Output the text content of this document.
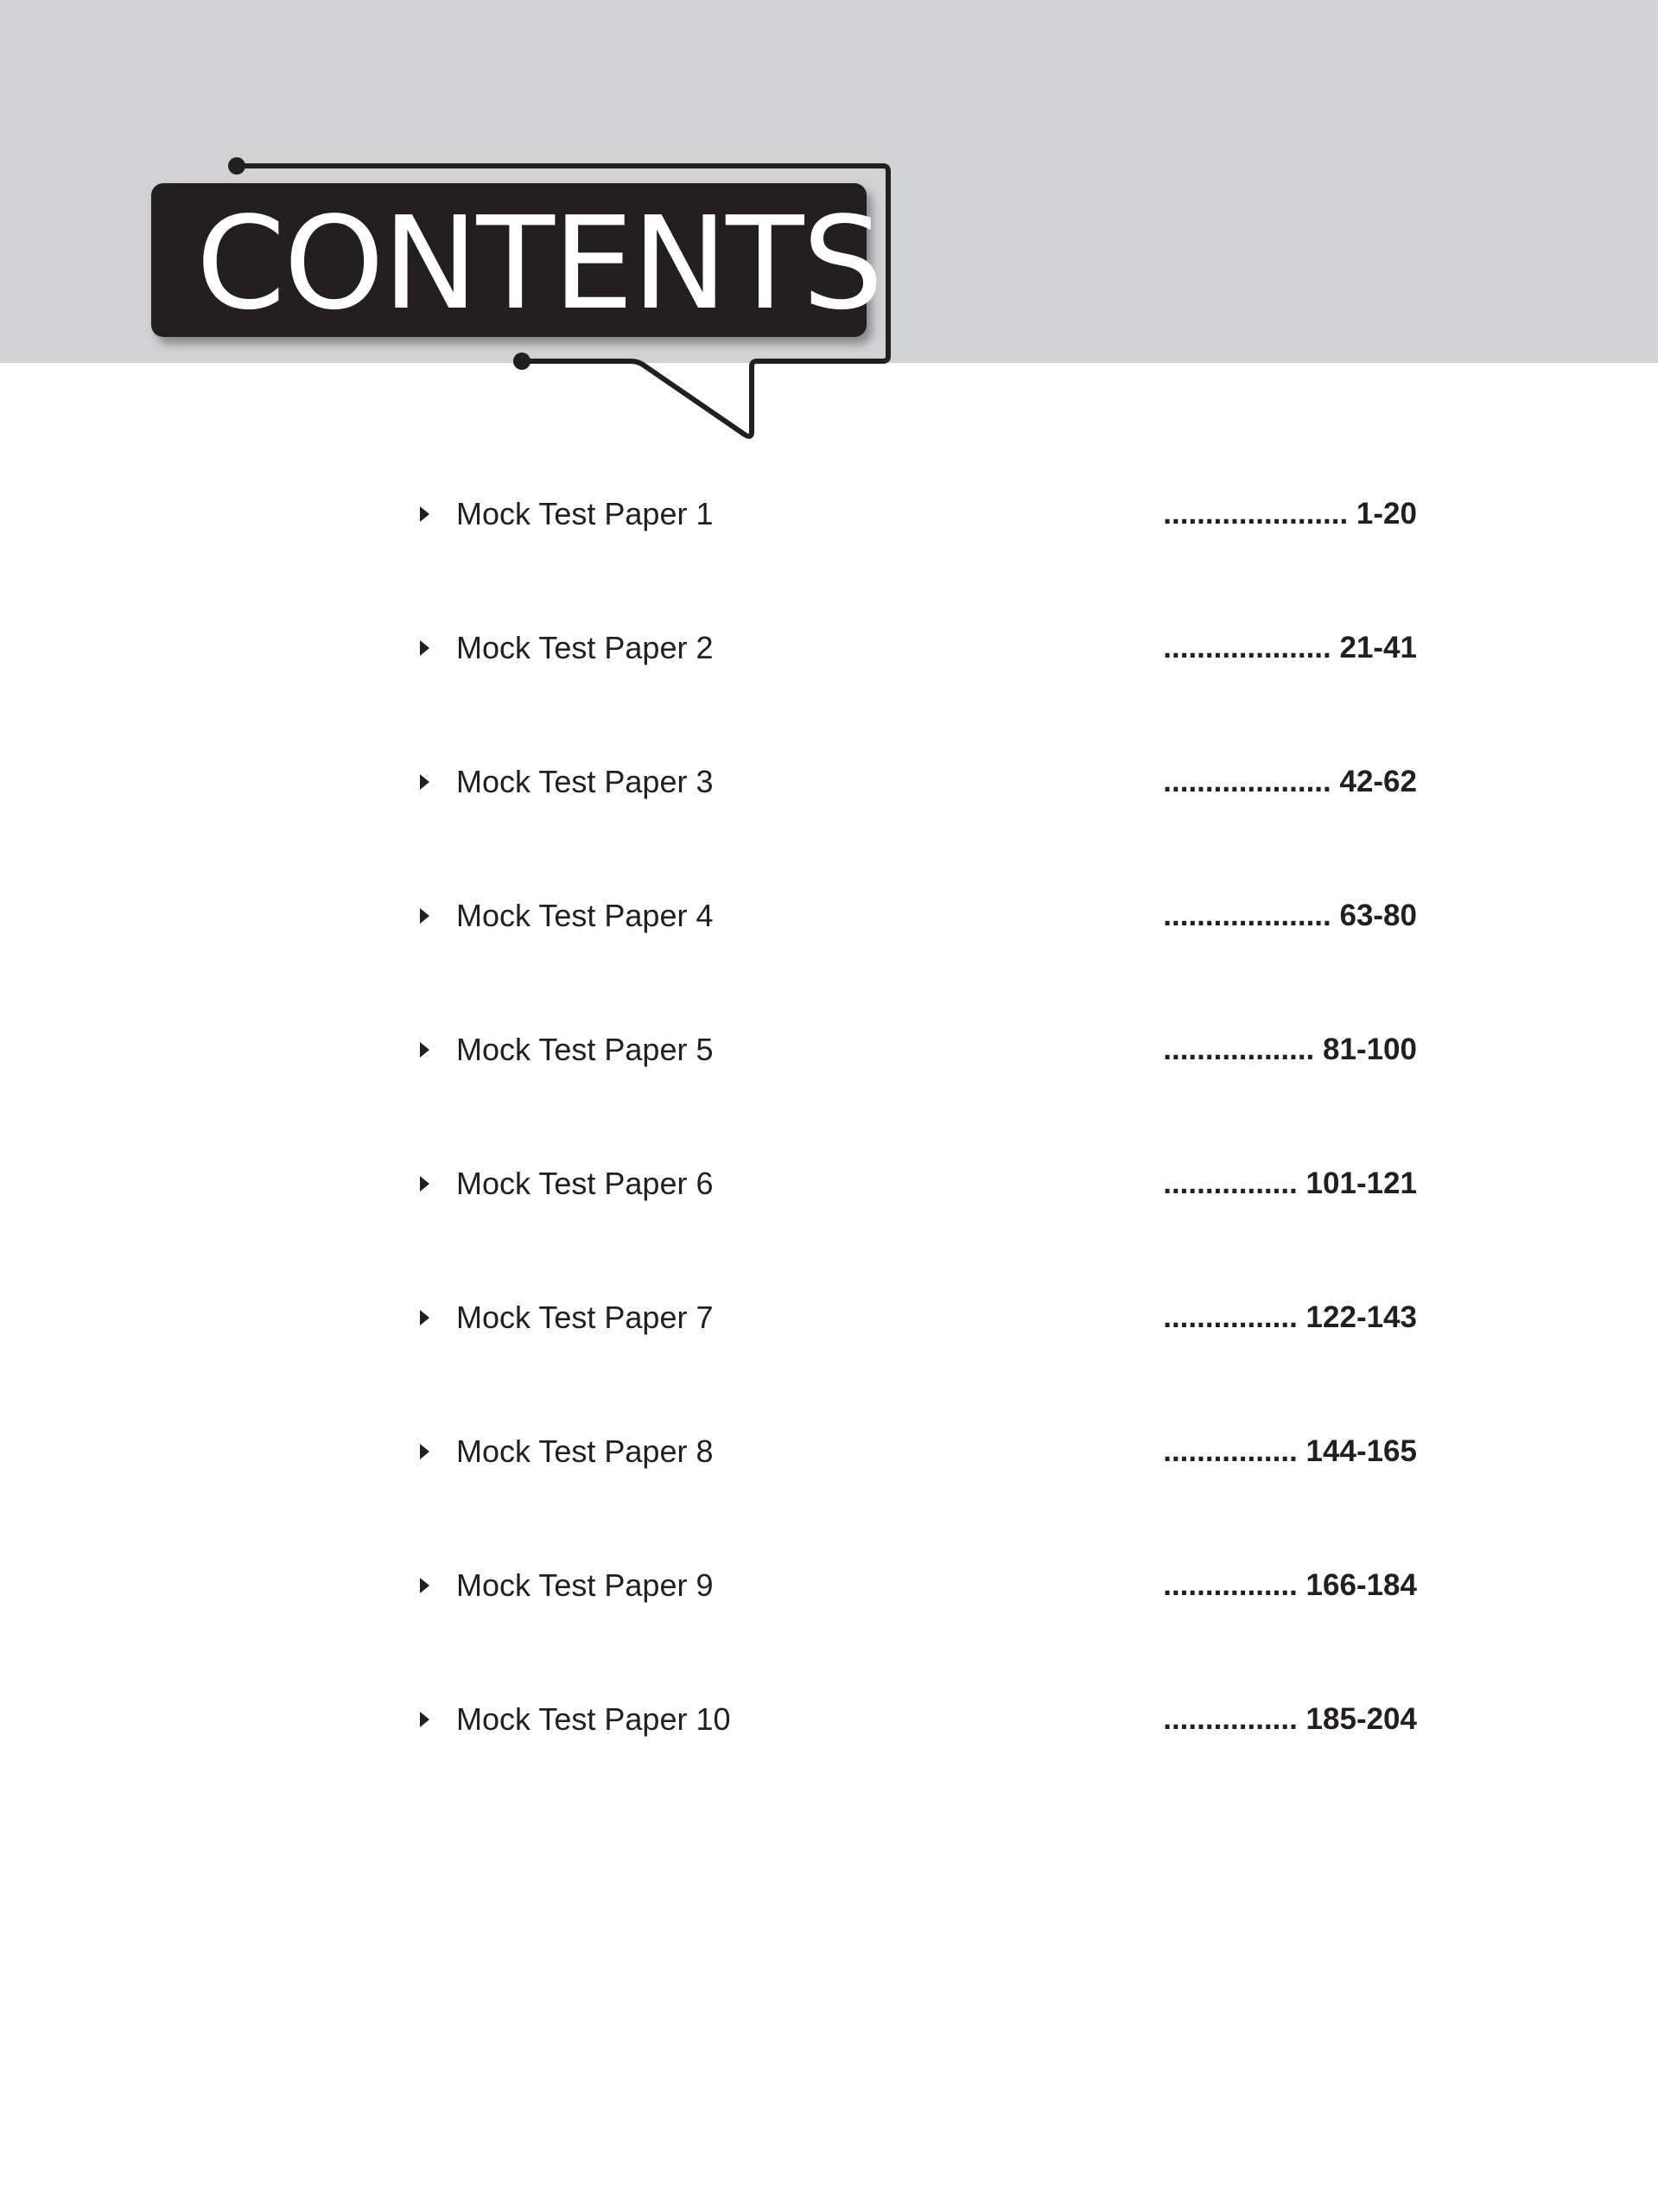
CONTENTS
Mock Test Paper 1	...................... 1-20
Mock Test Paper 2	.................... 21-41
Mock Test Paper 3	.................... 42-62
Mock Test Paper 4	.................... 63-80
Mock Test Paper 5	.................. 81-100
Mock Test Paper 6	................ 101-121
Mock Test Paper 7	................ 122-143
Mock Test Paper 8	................ 144-165
Mock Test Paper 9	................ 166-184
Mock Test Paper 10	................ 185-204
